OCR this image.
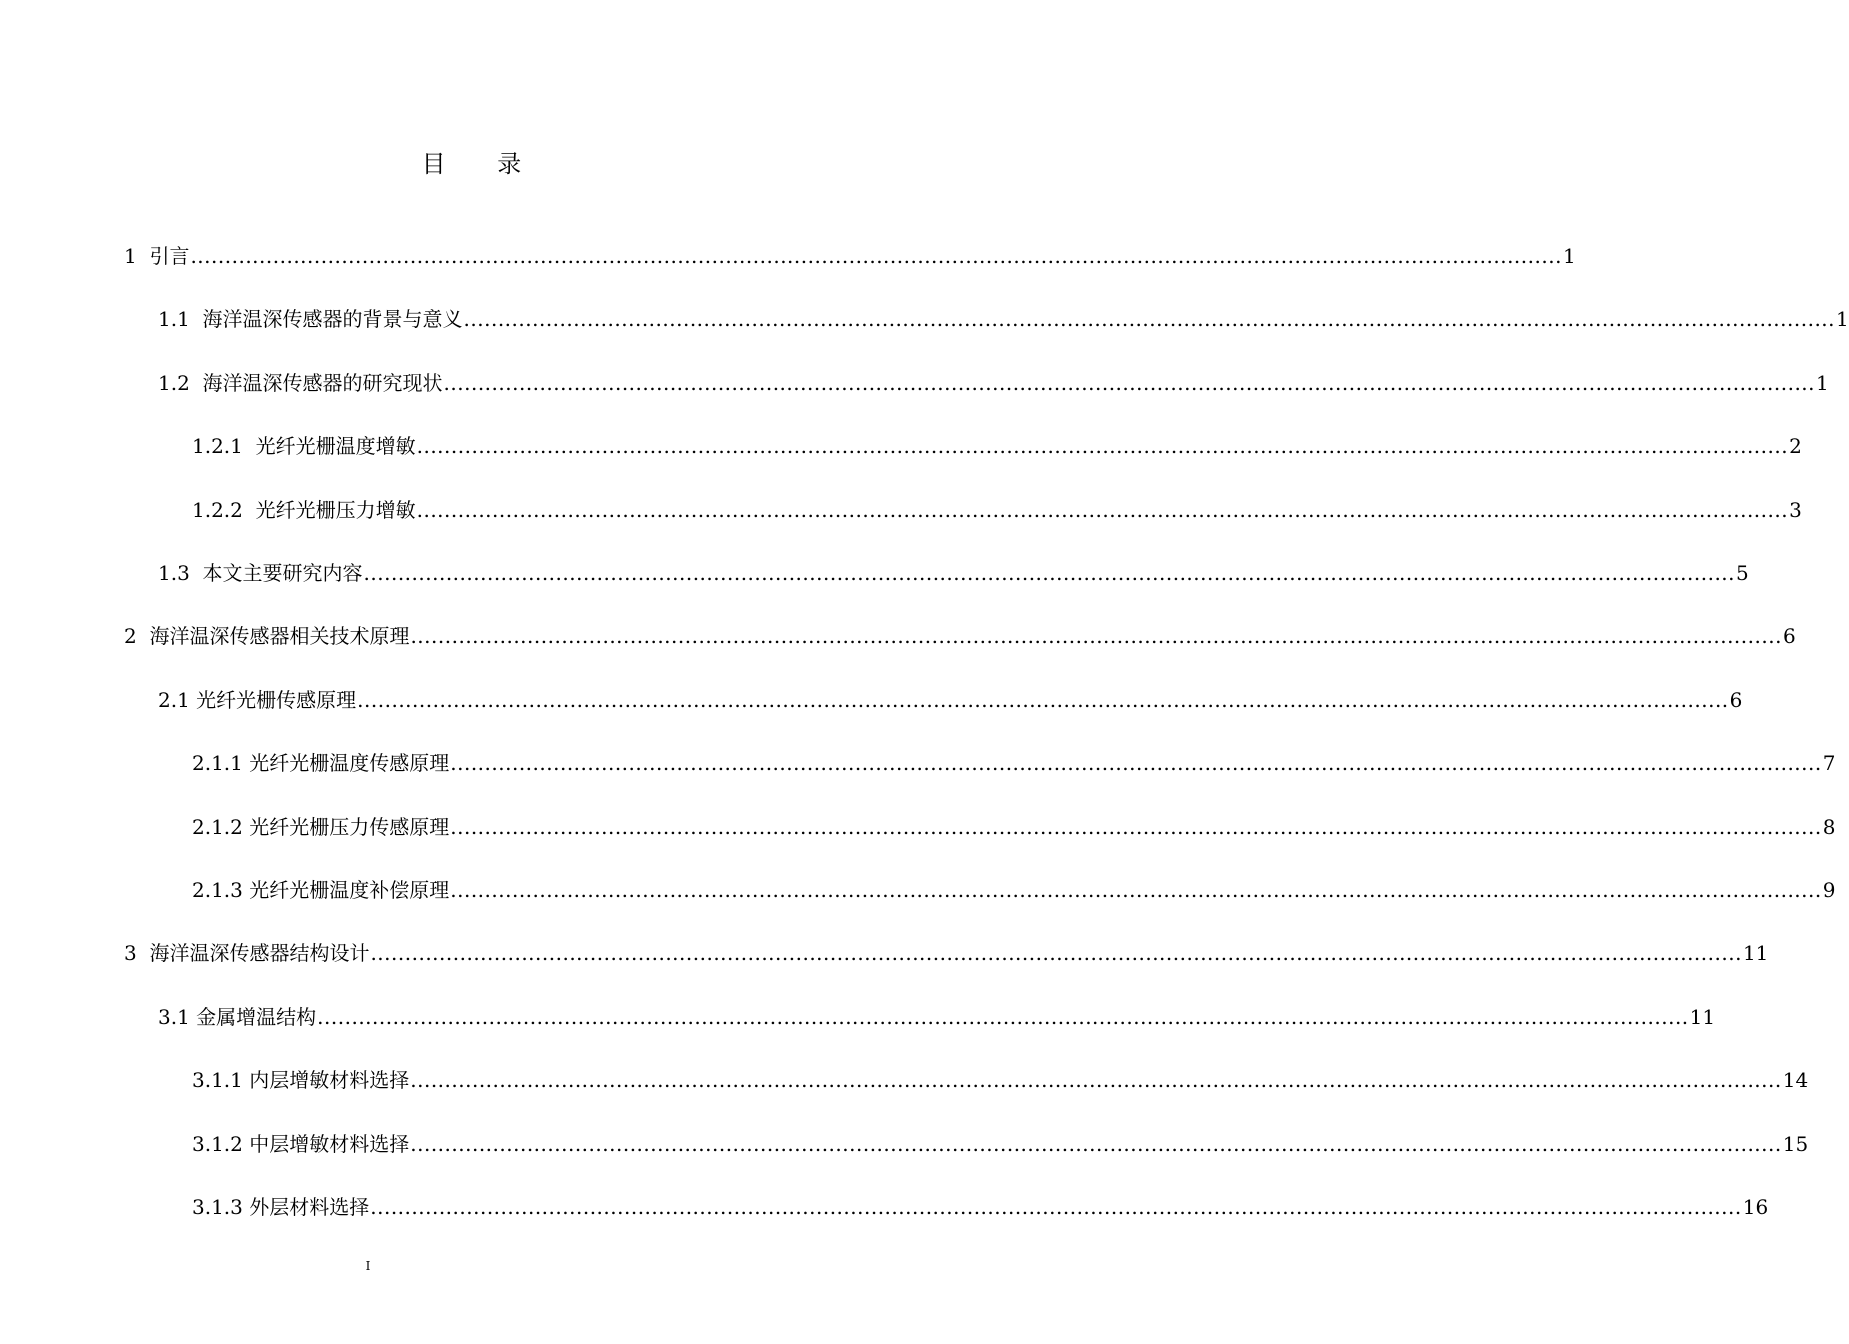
目 录
1 引言 ........................................................................................................................................................................................................ 1
1.1 海洋温深传感器的背景与意义 ........................................................................................................................................................................................................ 1
1.2 海洋温深传感器的研究现状 ........................................................................................................................................................................................................ 1
1.2.1 光纤光栅温度增敏 ........................................................................................................................................................................................................ 2
1.2.2 光纤光栅压力增敏 ........................................................................................................................................................................................................ 3
1.3 本文主要研究内容 ........................................................................................................................................................................................................ 5
2 海洋温深传感器相关技术原理 ........................................................................................................................................................................................................ 6
2.1 光纤光栅传感原理 ........................................................................................................................................................................................................ 6
2.1.1 光纤光栅温度传感原理 ........................................................................................................................................................................................................ 7
2.1.2 光纤光栅压力传感原理 ........................................................................................................................................................................................................ 8
2.1.3 光纤光栅温度补偿原理 ........................................................................................................................................................................................................ 9
3 海洋温深传感器结构设计 ........................................................................................................................................................................................................ 11
3.1 金属增温结构 ........................................................................................................................................................................................................ 11
3.1.1 内层增敏材料选择 ........................................................................................................................................................................................................ 14
3.1.2 中层增敏材料选择 ........................................................................................................................................................................................................ 15
3.1.3 外层材料选择 ........................................................................................................................................................................................................ 16
I
